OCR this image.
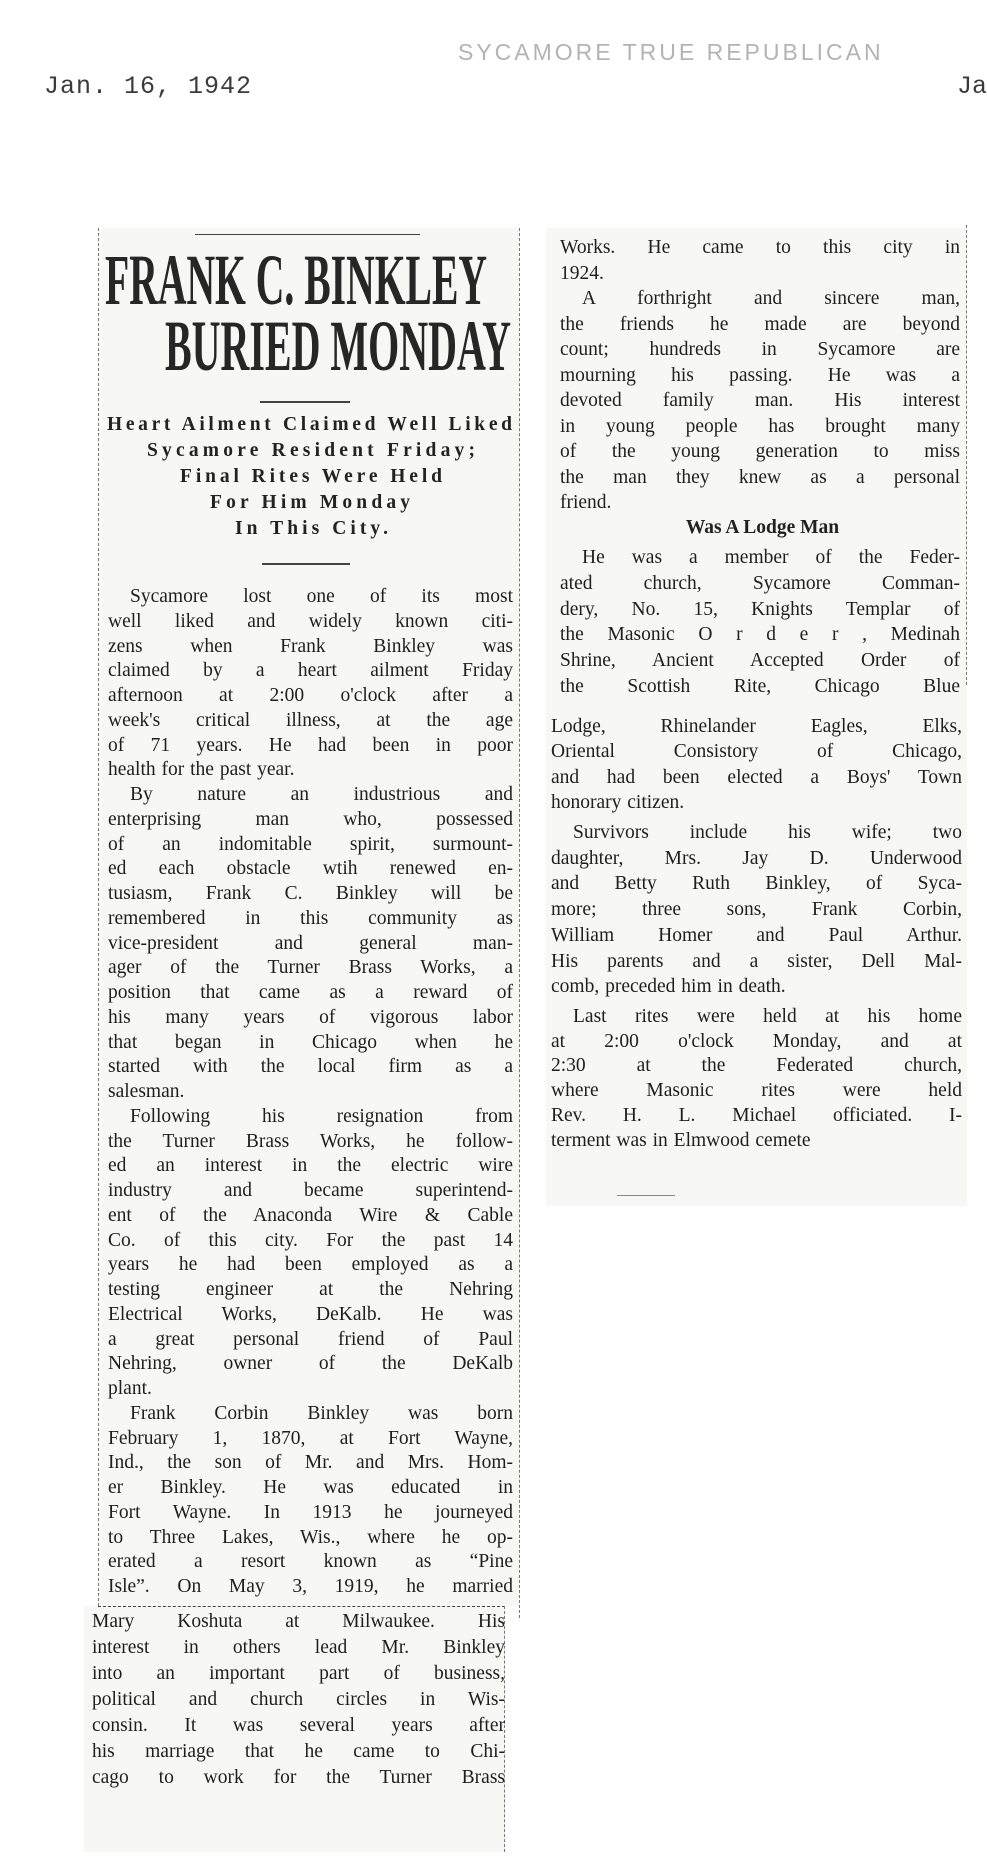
Jan. 16, 1942	Ja
SYCAMORE TRUE REPUBLICAN
FRANK C. BINKLEY
BURIED MONDAY
Heart Ailment Claimed Well Liked
Sycamore Resident Friday;
Final Rites Were Held
For Him Monday
In This City.	Was A Lodge Man
Sycamore lost one of its most
well liked and widely known citi-
zens when Frank Binkley was
claimed by a heart ailment Friday
afternoon at 2:00 o'clock after a
week's critical illness, at the age
of 71 years. He had been in poor
health for the past year.
By nature an industrious and
enterprising man who, possessed
of an indomitable spirit, surmount-
ed each obstacle wtih renewed en-
tusiasm, Frank C. Binkley will be
remembered in this community as
vice-president and general man-
ager of the Turner Brass Works, a
position that came as a reward of
his many years of vigorous labor
that began in Chicago when he
started with the local firm as a
salesman.
Following his resignation from
the Turner Brass Works, he follow-
ed an interest in the electric wire
industry and became superintend-
ent of the Anaconda Wire & Cable
Co. of this city. For the past 14
years he had been employed as a
testing engineer at the Nehring
Electrical Works, DeKalb. He was
a great personal friend of Paul
Nehring, owner of the DeKalb
plant.
Frank Corbin Binkley was born
February 1, 1870, at Fort Wayne,
Ind., the son of Mr. and Mrs. Hom-
er Binkley. He was educated in
Fort Wayne. In 1913 he journeyed
to Three Lakes, Wis., where he op-
erated a resort known as “Pine
Isle”. On May 3, 1919, he married
Mary Koshuta at Milwaukee. His
interest in others lead Mr. Binkley
into an important part of business,
political and church circles in Wis-
consin. It was several years after
his marriage that he came to Chi-
cago to work for the Turner Brass
Works. He came to this city in
1924.
A forthright and sincere man,
the friends he made are beyond
count; hundreds in Sycamore are
mourning his passing. He was a
devoted family man. His interest
in young people has brought many
of the young generation to miss
the man they knew as a personal
friend.
He was a member of the Feder-
ated church, Sycamore Comman-
dery, No. 15, Knights Templar of
the Masonic O r d e r , Medinah
Shrine, Ancient Accepted Order of
the Scottish Rite, Chicago Blue
Lodge, Rhinelander Eagles, Elks,
Oriental Consistory of Chicago,
and had been elected a Boys' Town
honorary citizen.
Survivors include his wife; two
daughter, Mrs. Jay D. Underwood
and Betty Ruth Binkley, of Syca-
more; three sons, Frank Corbin,
William Homer and Paul Arthur.
His parents and a sister, Dell Mal-
comb, preceded him in death.
Last rites were held at his home
at 2:00 o'clock Monday, and at
2:30 at the Federated church,
where Masonic rites were held
Rev. H. L. Michael officiated. I-
terment was in Elmwood cemete
